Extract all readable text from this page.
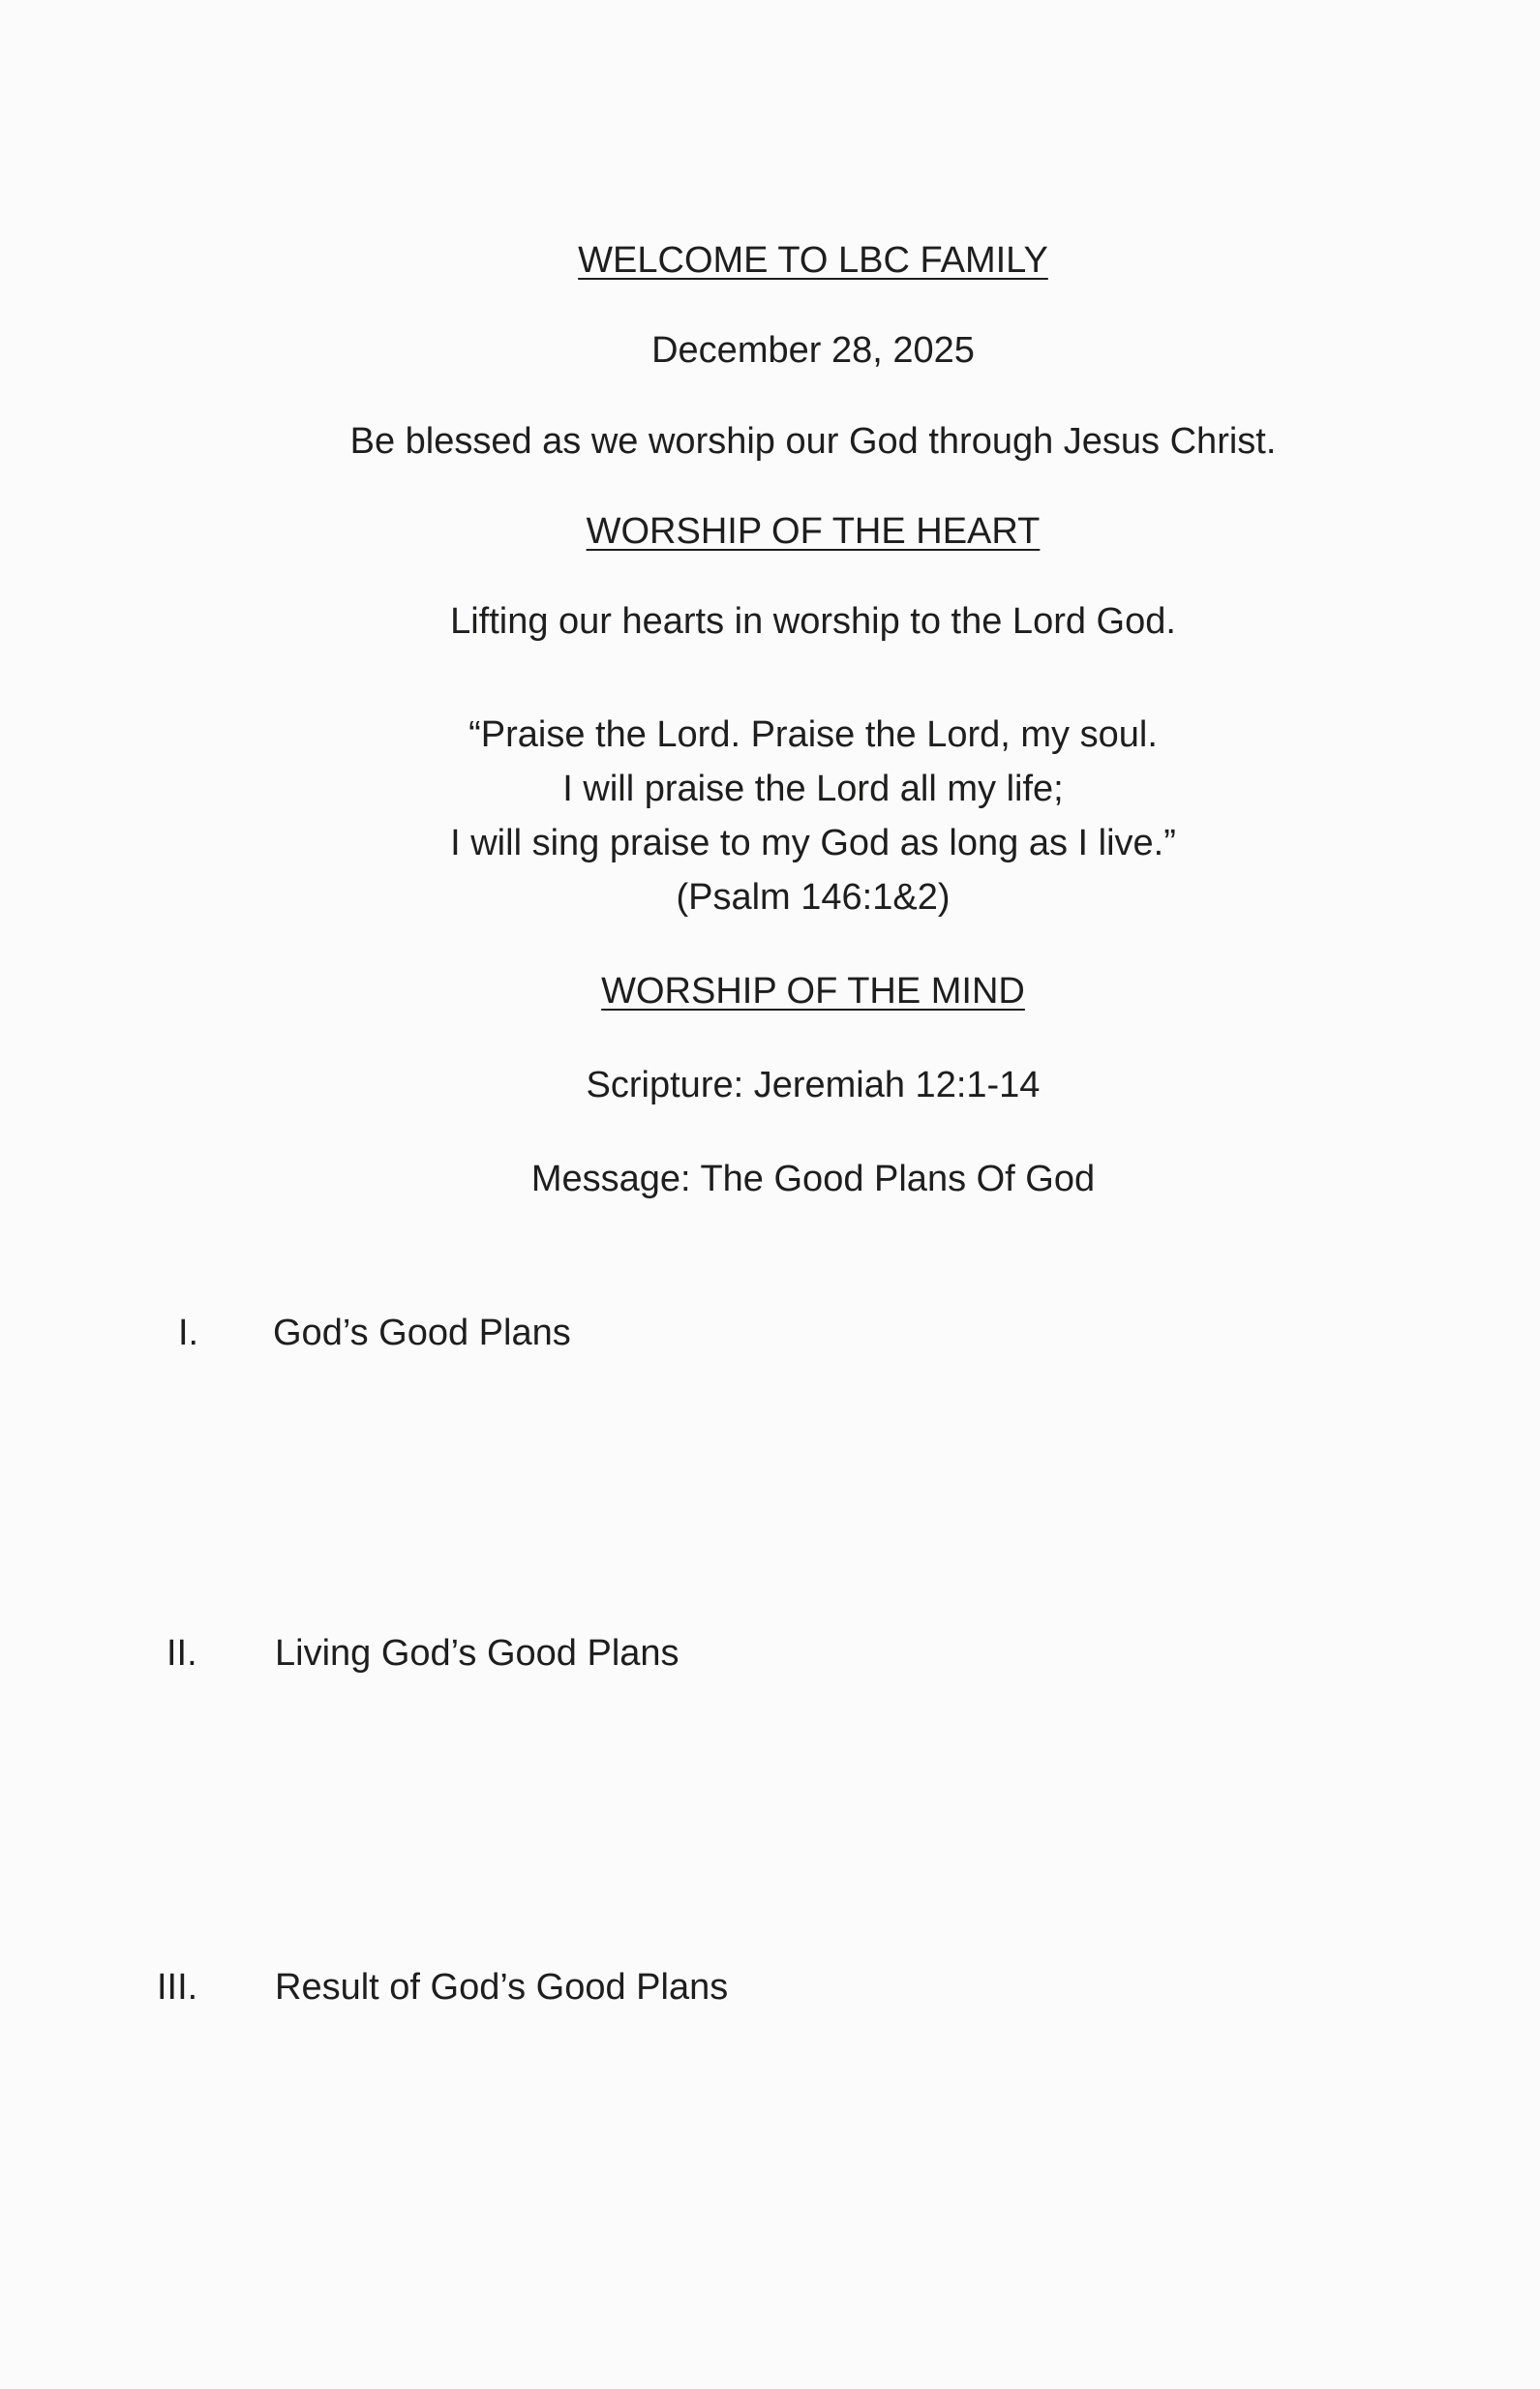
WELCOME TO LBC FAMILY
December 28, 2025
Be blessed as we worship our God through Jesus Christ.
WORSHIP OF THE HEART
Lifting our hearts in worship to the Lord God.
“Praise the Lord. Praise the Lord, my soul.
I will praise the Lord all my life;
I will sing praise to my God as long as I live.”
(Psalm 146:1&2)
WORSHIP OF THE MIND
Scripture: Jeremiah 12:1-14
Message: The Good Plans Of God
I.	God’s Good Plans
II.	Living God’s Good Plans
III.	Result of God’s Good Plans
